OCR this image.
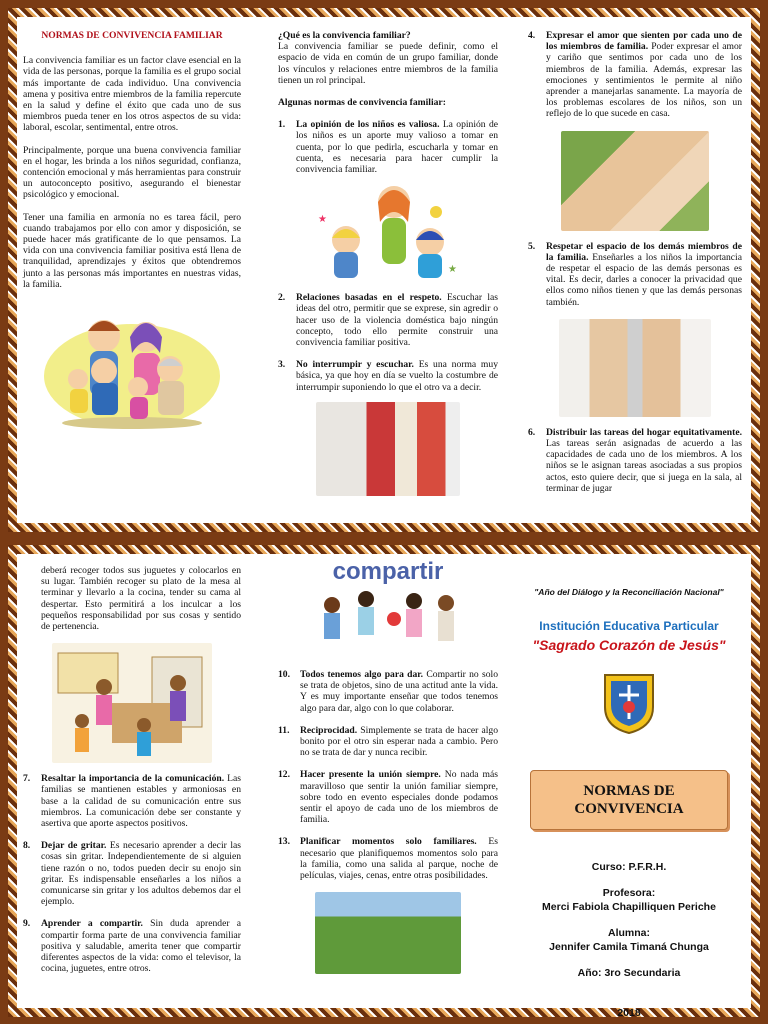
NORMAS DE CONVIVENCIA FAMILIAR

La convivencia familiar es un factor clave esencial en la vida de las personas, porque la familia es el grupo social más importante de cada individuo. Una convivencia amena y positiva entre miembros de la familia repercute en la salud y define el éxito que cada uno de sus miembros pueda tener en los otros aspectos de su vida: laboral, escolar, sentimental, entre otros.

Principalmente, porque una buena convivencia familiar en el hogar, les brinda a los niños seguridad, confianza, contención emocional y más herramientas para construir un autoconcepto positivo, asegurando el bienestar psicológico y emocional.

Tener una familia en armonía no es tarea fácil, pero cuando trabajamos por ello con amor y disposición, se puede hacer más gratificante de lo que pensamos. La vida con una convivencia familiar positiva está llena de tranquilidad, aprendizajes y éxitos que obtendremos junto a las personas más importantes en nuestras vidas, la familia.

¿Qué es la convivencia familiar?

La convivencia familiar se puede definir, como el espacio de vida en común de un grupo familiar, donde los vínculos y relaciones entre miembros de la familia tienen un rol principal.

Algunas normas de convivencia familiar:

1.	La opinión de los niños es valiosa. La opinión de los niños es un aporte muy valioso a tomar en cuenta, por lo que pedirla, escucharla y tomar en cuenta, es necesaria para hacer cumplir la convivencia familiar.
★
★
2.	Relaciones basadas en el respeto. Escuchar las ideas del otro, permitir que se exprese, sin agredir o hacer uso de la violencia doméstica bajo ningún concepto, todo ello permite construir una convivencia familiar positiva.
3.	No interrumpir y escuchar. Es una norma muy básica, ya que hoy en día se vuelto la costumbre de interrumpir suponiendo lo que el otro va a decir.
4.	Expresar el amor que sienten por cada uno de los miembros de familia. Poder expresar el amor y cariño que sentimos por cada uno de los miembros de la familia. Además, expresar las emociones y sentimientos le permite al niño aprender a manejarlas sanamente. La mayoría de los problemas escolares de los niños, son un reflejo de lo que sucede en casa.
5.	Respetar el espacio de los demás miembros de la familia. Enseñarles a los niños la importancia de respetar el espacio de las demás personas es vital. Es decir, darles a conocer la privacidad que ellos como niños tienen y que las demás personas también.
6.	Distribuir las tareas del hogar equitativamente. Las tareas serán asignadas de acuerdo a las capacidades de cada uno de los miembros. A los niños se le asignan tareas asociadas a sus propios actos, esto quiere decir, que si juega en la sala, al terminar de jugar

deberá recoger todos sus juguetes y colocarlos en su lugar. También recoger su plato de la mesa al terminar y llevarlo a la cocina, tender su cama al despertar. Esto permitirá a los inculcar a los pequeños responsabilidad por sus cosas y sentido de pertenencia.

7.	Resaltar la importancia de la comunicación. Las familias se mantienen estables y armoniosas en base a la calidad de su comunicación entre sus miembros. La comunicación debe ser constante y asertiva que aporte aspectos positivos.
8.	Dejar de gritar. Es necesario aprender a decir las cosas sin gritar. Independientemente de si alguien tiene razón o no, todos pueden decir su enojo sin gritar. Es indispensable enseñarles a los niños a comunicarse sin gritar y los adultos debemos dar el ejemplo.
9.	Aprender a compartir. Sin duda aprender a compartir forma parte de una convivencia familiar positiva y saludable, amerita tener que compartir diferentes aspectos de la vida: como el televisor, la cocina, juguetes, entre otros.
compartir
10.	Todos tenemos algo para dar. Compartir no solo se trata de objetos, sino de una actitud ante la vida. Y es muy importante enseñar que todos tenemos algo para dar, algo con lo que colaborar.
11.	Reciprocidad. Simplemente se trata de hacer algo bonito por el otro sin esperar nada a cambio. Pero no se trata de dar y nunca recibir.
12.	Hacer presente la unión siempre. No nada más maravilloso que sentir la unión familiar siempre, sobre todo en evento especiales donde podamos sentir el apoyo de cada uno de los miembros de familia.
13.	Planificar momentos solo familiares. Es necesario que planifiquemos momentos solo para la familia, como una salida al parque, noche de películas, viajes, cenas, entre otras posibilidades.
"Año del Diálogo y la Reconciliación Nacional"
Institución Educativa Particular
"Sagrado Corazón de Jesús"
NORMAS DE
CONVIVENCIA
Curso: P.F.R.H.
Profesora:
Merci Fabiola Chapilliquen Periche
Alumna:
Jennifer Camila Timaná Chunga
Año: 3ro Secundaria
2018
